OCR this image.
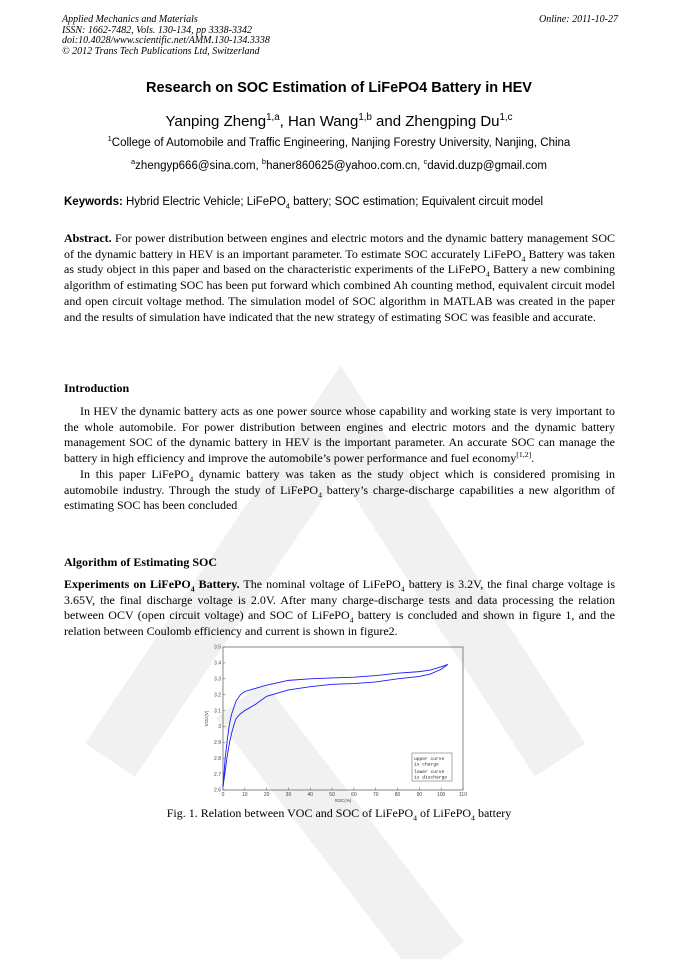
Applied Mechanics and Materials
ISSN: 1662-7482, Vols. 130-134, pp 3338-3342
doi:10.4028/www.scientific.net/AMM.130-134.3338
© 2012 Trans Tech Publications Ltd, Switzerland
Online: 2011-10-27
Research on SOC Estimation of LiFePO4 Battery in HEV
Yanping Zheng$^{1,a}$, Han Wang$^{1,b}$ and Zhengping Du$^{1,c}$
$^1$College of Automobile and Traffic Engineering, Nanjing Forestry University, Nanjing, China
$^a$zhengyp666@sina.com, $^b$haner860625@yahoo.com.cn, $^c$david.duzp@gmail.com
Keywords: Hybrid Electric Vehicle; LiFePO$_4$ battery; SOC estimation; Equivalent circuit model
Abstract. For power distribution between engines and electric motors and the dynamic battery management SOC of the dynamic battery in HEV is an important parameter. To estimate SOC accurately LiFePO$_4$ Battery was taken as study object in this paper and based on the characteristic experiments of the LiFePO$_4$ Battery a new combining algorithm of estimating SOC has been put forward which combined Ah counting method, equivalent circuit model and open circuit voltage method. The simulation model of SOC algorithm in MATLAB was created in the paper and the results of simulation have indicated that the new strategy of estimating SOC was feasible and accurate.
Introduction

In HEV the dynamic battery acts as one power source whose capability and working state is very important to the whole automobile. For power distribution between engines and electric motors and the dynamic battery management SOC of the dynamic battery in HEV is the important parameter. An accurate SOC can manage the battery in high efficiency and improve the automobile’s power performance and fuel economy[1,2].

In this paper LiFePO$_4$ dynamic battery was taken as the study object which is considered promising in automobile industry. Through the study of LiFePO$_4$ battery’s charge-discharge capabilities a new algorithm of estimating SOC has been concluded

Algorithm of Estimating SOC

Experiments on LiFePO$_4$ Battery. The nominal voltage of LiFePO$_4$ battery is 3.2V, the final charge voltage is 3.65V, the final discharge voltage is 2.0V. After many charge-discharge tests and data processing the relation between OCV (open circuit voltage) and SOC of LiFePO$_4$ battery is concluded and shown in figure 1, and the relation between Coulomb efficiency and current is shown in figure2.

0	10	20	30	40	50	60	70	80	90	100	110
2.6
2.7
2.8
2.9
3
3.1
3.2
3.3
3.4
3.5
SOC(%)
VOC(V)
upper curve
is charge
lower curve
is discharge
Fig. 1. Relation between VOC and SOC of LiFePO$_4$ of LiFePO$_4$ battery
